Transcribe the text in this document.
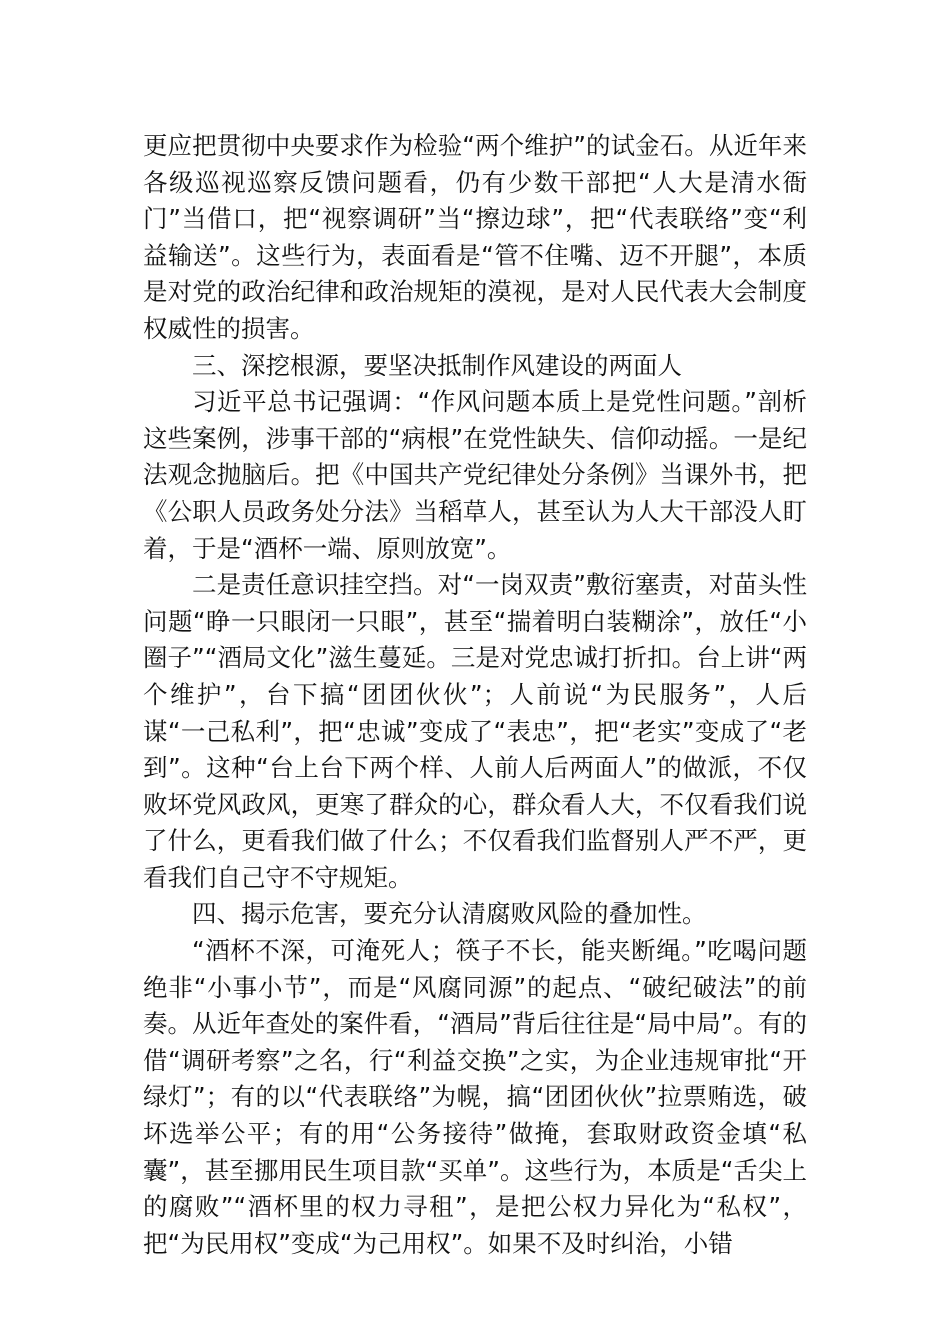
更应把贯彻中央要求作为检验“两个维护”的试金石。从近年来各级巡视巡察反馈问题看，仍有少数干部把“人大是清水衙门”当借口，把“视察调研”当“擦边球”，把“代表联络”变“利益输送”。这些行为，表面看是“管不住嘴、迈不开腿”，本质是对党的政治纪律和政治规矩的漠视，是对人民代表大会制度权威性的损害。

三、深挖根源，要坚决抵制作风建设的两面人

习近平总书记强调：“作风问题本质上是党性问题。”剖析这些案例，涉事干部的“病根”在党性缺失、信仰动摇。一是纪法观念抛脑后。把《中国共产党纪律处分条例》当课外书，把《公职人员政务处分法》当稻草人，甚至认为人大干部没人盯着，于是“酒杯一端、原则放宽”。

二是责任意识挂空挡。对“一岗双责”敷衍塞责，对苗头性问题“睁一只眼闭一只眼”，甚至“揣着明白装糊涂”，放任“小圈子”“酒局文化”滋生蔓延。三是对党忠诚打折扣。台上讲“两个维护”，台下搞“团团伙伙”；人前说“为民服务”，人后谋“一己私利”，把“忠诚”变成了“表忠”，把“老实”变成了“老到”。这种“台上台下两个样、人前人后两面人”的做派，不仅败坏党风政风，更寒了群众的心，群众看人大，不仅看我们说了什么，更看我们做了什么；不仅看我们监督别人严不严，更看我们自己守不守规矩。

四、揭示危害，要充分认清腐败风险的叠加性。

“酒杯不深，可淹死人；筷子不长，能夹断绳。”吃喝问题绝非“小事小节”，而是“风腐同源”的起点、“破纪破法”的前奏。从近年查处的案件看，“酒局”背后往往是“局中局”。有的借“调研考察”之名，行“利益交换”之实，为企业违规审批“开绿灯”；有的以“代表联络”为幌，搞“团团伙伙”拉票贿选，破坏选举公平；有的用“公务接待”做掩，套取财政资金填“私囊”，甚至挪用民生项目款“买单”。这些行为，本质是“舌尖上的腐败”“酒杯里的权力寻租”，是把公权力异化为“私权”，把“为民用权”变成“为己用权”。如果不及时纠治，小错
